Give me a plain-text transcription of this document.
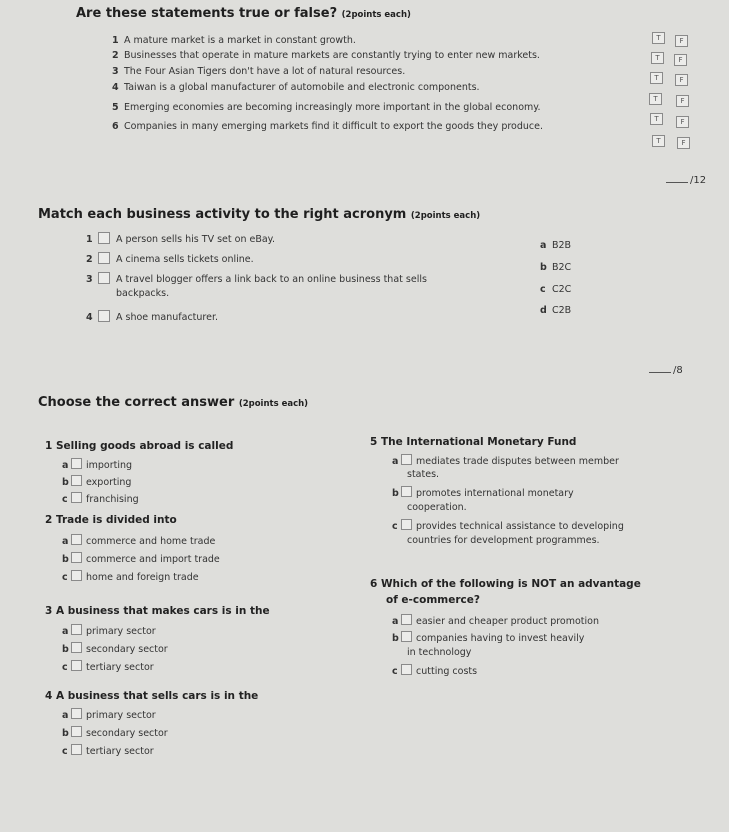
Are these statements true or false? (2points each)
1 A mature market is a market in constant growth.
2 Businesses that operate in mature markets are constantly trying to enter new markets.
3 The Four Asian Tigers don't have a lot of natural resources.
4 Taiwan is a global manufacturer of automobile and electronic components.
5 Emerging economies are becoming increasingly more important in the global economy.
6 Companies in many emerging markets find it difficult to export the goods they produce.
T	F
T	F
T	F
T	F
T	F
T	F
/12
Match each business activity to the right acronym (2points each)
1 A person sells his TV set on eBay.
2 A cinema sells tickets online.
3 A travel blogger offers a link back to an online business that sells
backpacks.
4 A shoe manufacturer.
a B2B
b B2C
c C2C
d C2B
/8
Choose the correct answer (2points each)
1 Selling goods abroad is called
a importing
b exporting
c franchising
2 Trade is divided into
a commerce and home trade
b commerce and import trade
c home and foreign trade
3 A business that makes cars is in the
a primary sector
b secondary sector
c tertiary sector
4 A business that sells cars is in the
a primary sector
b secondary sector
c tertiary sector
5 The International Monetary Fund
a mediates trade disputes between member
states.
b promotes international monetary
cooperation.
c provides technical assistance to developing
countries for development programmes.
6 Which of the following is NOT an advantage
of e-commerce?
a easier and cheaper product promotion
b companies having to invest heavily
in technology
c cutting costs
